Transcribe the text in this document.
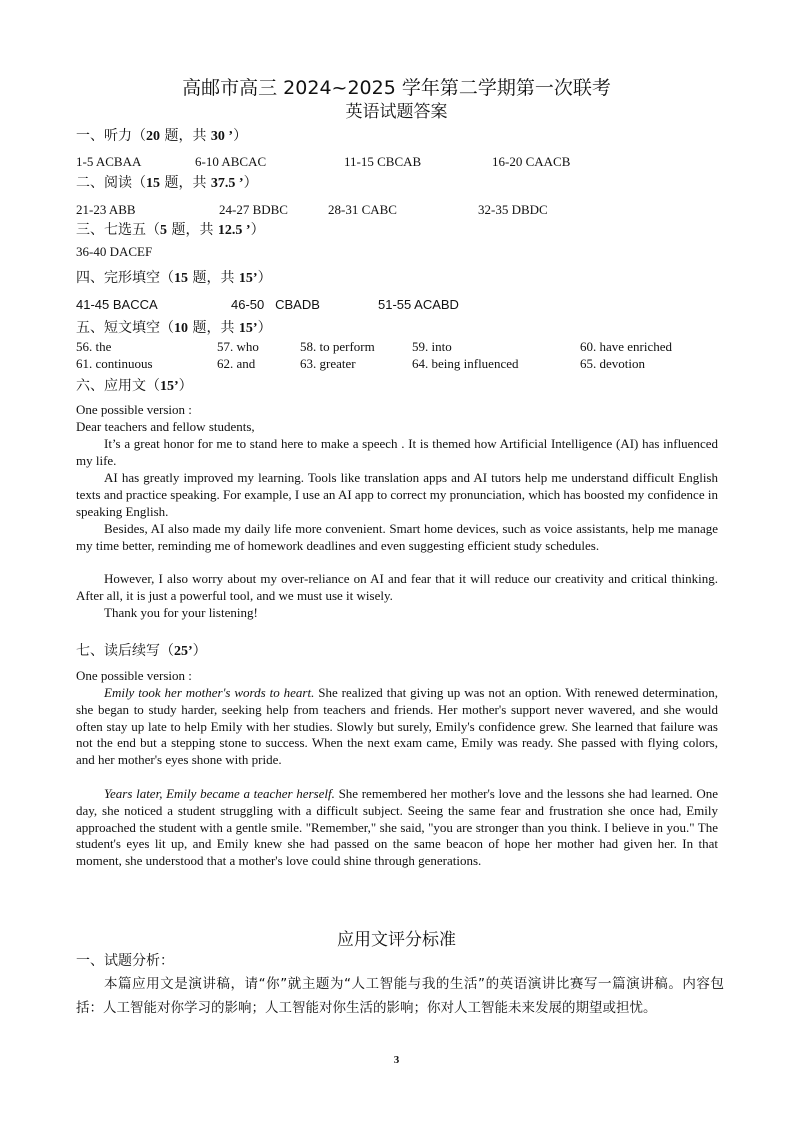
高邮市高三 2024~2025 学年第二学期第一次联考
英语试题答案
一、听力（20 题，共 30 ’）
1-5 ACBAA	6-10 ABCAC	11-15 CBCAB	16-20 CAACB
二、阅读（15 题，共 37.5 ’）
21-23 ABB	24-27 BDBC	28-31 CABC	32-35 DBDC
三、七选五（5 题，共 12.5 ’）
36-40 DACEF
四、完形填空（15 题，共 15’）
41-45 BACCA	46-50   CBADB	51-55 ACABD
五、短文填空（10 题，共 15’）
56. the	57. who	58. to perform	59. into	60. have enriched
61. continuous	62. and	63. greater	64. being influenced	65. devotion
六、应用文（15’）
One possible version :
Dear teachers and fellow students,
It’s a great honor for me to stand here to make a speech . It is themed how Artificial Intelligence (AI) has influenced my life.
AI has greatly improved my learning. Tools like translation apps and AI tutors help me understand difficult English texts and practice speaking. For example, I use an AI app to correct my pronunciation, which has boosted my confidence in speaking English.
Besides, AI also made my daily life more convenient. Smart home devices, such as voice assistants, help me manage my time better, reminding me of homework deadlines and even suggesting efficient study schedules.
However, I also worry about my over-reliance on AI and fear that it will reduce our creativity and critical thinking. After all, it is just a powerful tool, and we must use it wisely.
Thank you for your listening!
七、读后续写（25’）
One possible version :
Emily took her mother's words to heart. She realized that giving up was not an option. With renewed determination, she began to study harder, seeking help from teachers and friends. Her mother's support never wavered, and she would often stay up late to help Emily with her studies. Slowly but surely, Emily's confidence grew. She learned that failure was not the end but a stepping stone to success. When the next exam came, Emily was ready. She passed with flying colors, and her mother's eyes shone with pride.
Years later, Emily became a teacher herself. She remembered her mother's love and the lessons she had learned. One day, she noticed a student struggling with a difficult subject. Seeing the same fear and frustration she once had, Emily approached the student with a gentle smile. "Remember," she said, "you are stronger than you think. I believe in you." The student's eyes lit up, and Emily knew she had passed on the same beacon of hope her mother had given her. In that moment, she understood that a mother's love could shine through generations.
应用文评分标准
一、试题分析：
本篇应用文是演讲稿，请“你”就主题为“人工智能与我的生活”的英语演讲比赛写一篇演讲稿。内容包括：人工智能对你学习的影响；人工智能对你生活的影响；你对人工智能未来发展的期望或担忧。
3
